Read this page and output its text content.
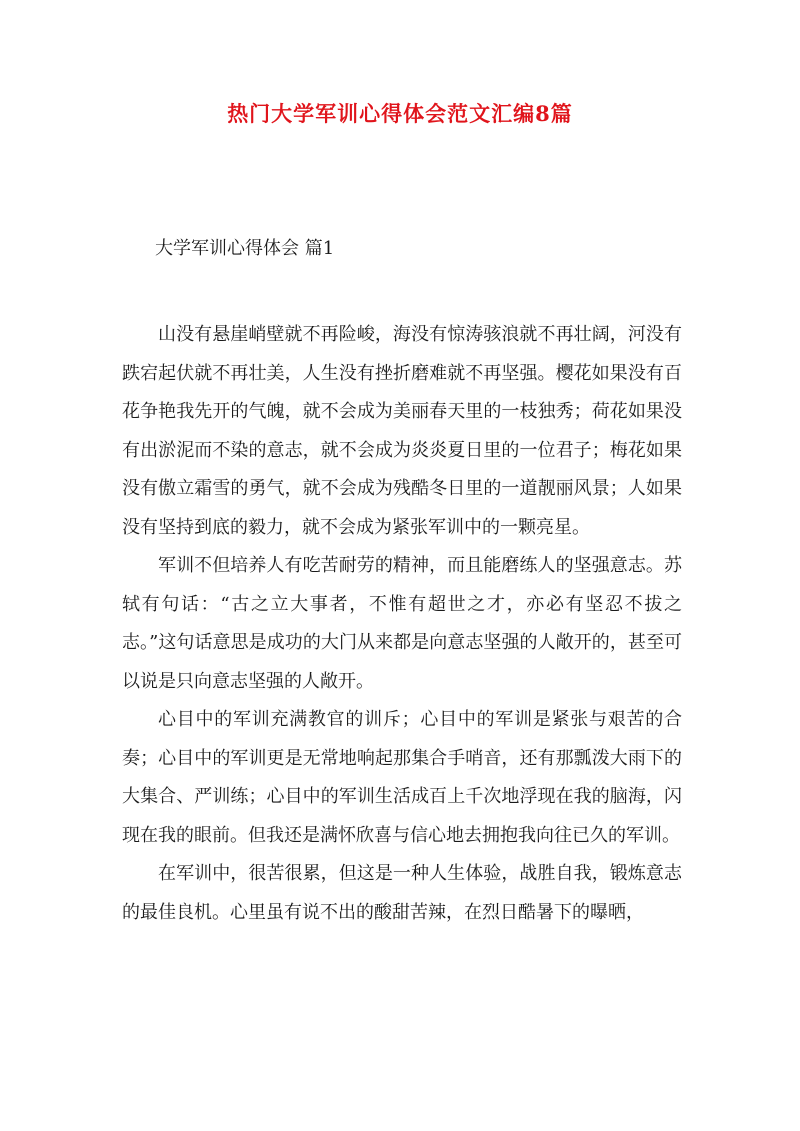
热门大学军训心得体会范文汇编8篇
大学军训心得体会 篇1

山没有悬崖峭壁就不再险峻，海没有惊涛骇浪就不再壮阔，河没有跌宕起伏就不再壮美，人生没有挫折磨难就不再坚强。樱花如果没有百花争艳我先开的气魄，就不会成为美丽春天里的一枝独秀；荷花如果没有出淤泥而不染的意志，就不会成为炎炎夏日里的一位君子；梅花如果没有傲立霜雪的勇气，就不会成为残酷冬日里的一道靓丽风景；人如果没有坚持到底的毅力，就不会成为紧张军训中的一颗亮星。

军训不但培养人有吃苦耐劳的精神，而且能磨练人的坚强意志。苏轼有句话：“古之立大事者，不惟有超世之才，亦必有坚忍不拔之志。”这句话意思是成功的大门从来都是向意志坚强的人敞开的，甚至可以说是只向意志坚强的人敞开。

心目中的军训充满教官的训斥；心目中的军训是紧张与艰苦的合奏；心目中的军训更是无常地响起那集合手哨音，还有那瓢泼大雨下的大集合、严训练；心目中的军训生活成百上千次地浮现在我的脑海，闪现在我的眼前。但我还是满怀欣喜与信心地去拥抱我向往已久的军训。

在军训中，很苦很累，但这是一种人生体验，战胜自我，锻炼意志的最佳良机。心里虽有说不出的酸甜苦辣，在烈日酷暑下的曝晒，
